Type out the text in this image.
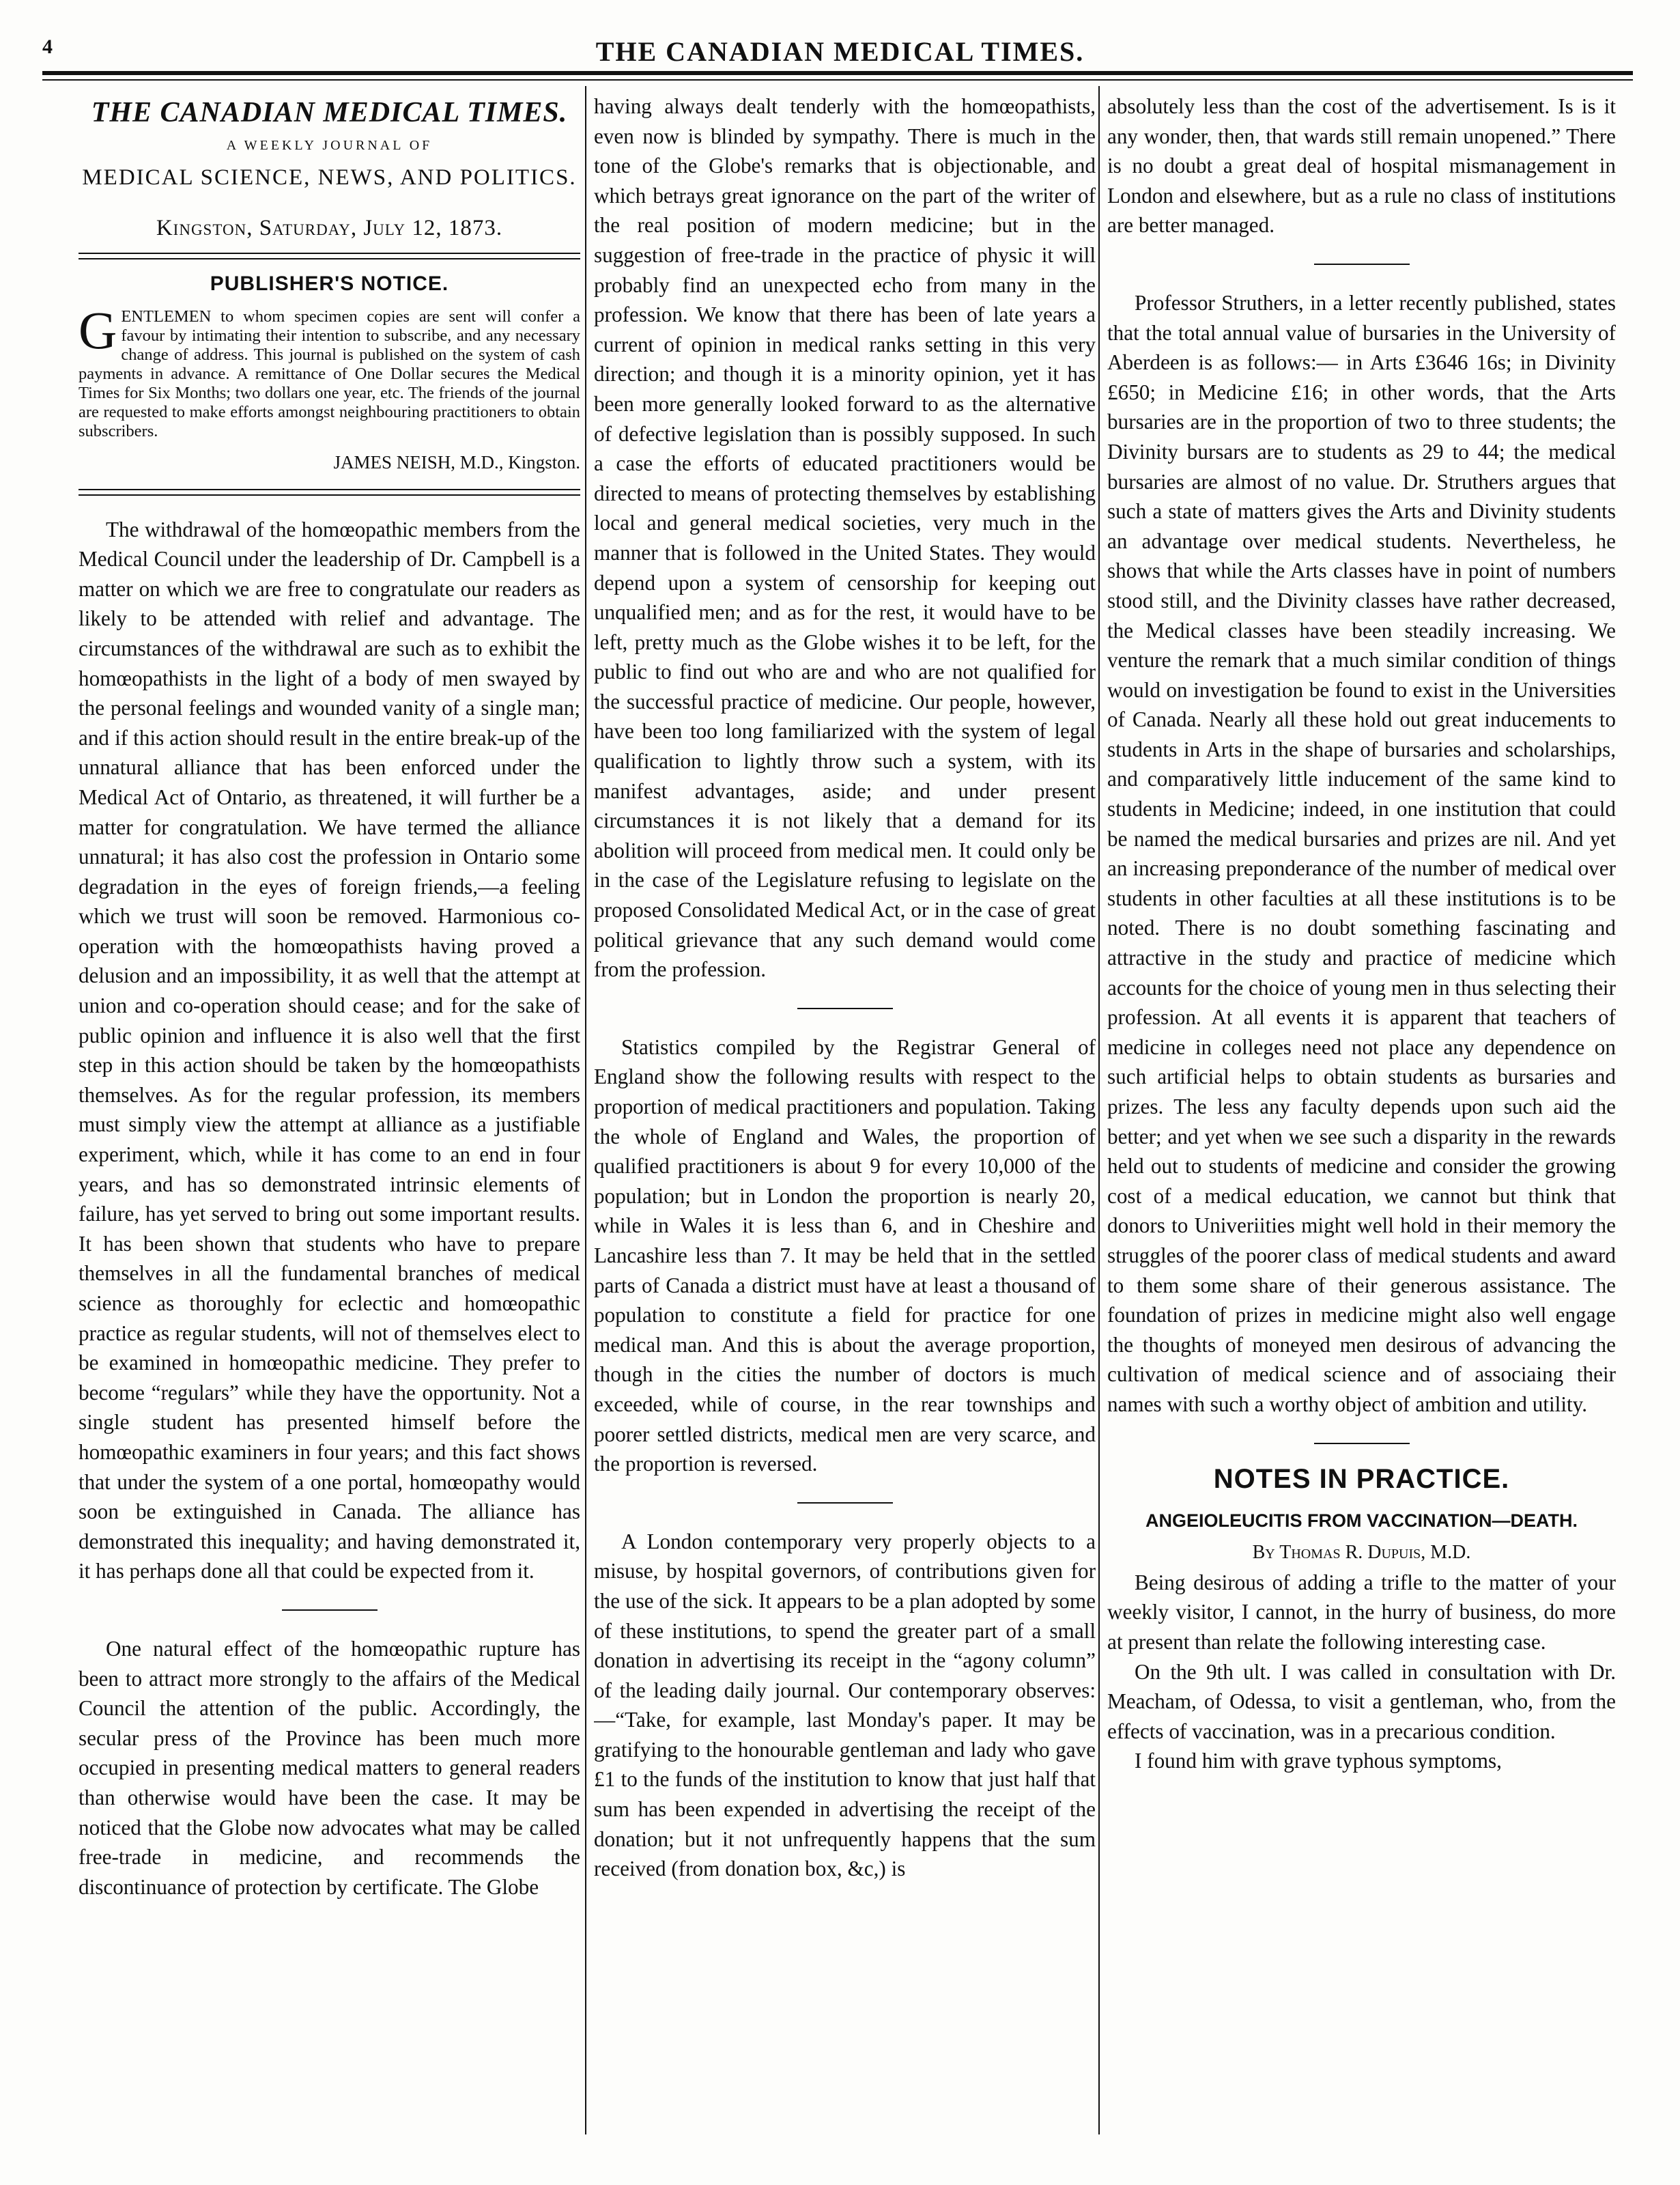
4	THE CANADIAN MEDICAL TIMES.
THE CANADIAN MEDICAL TIMES.
A WEEKLY JOURNAL OF
MEDICAL SCIENCE, NEWS, AND POLITICS.
Kingston, Saturday, July 12, 1873.
PUBLISHER'S NOTICE.

GENTLEMEN to whom specimen copies are sent will confer a favour by intimating their intention to subscribe, and any necessary change of address. This journal is published on the system of cash payments in advance. A remittance of One Dollar secures the Medical Times for Six Months; two dollars one year, etc. The friends of the journal are requested to make efforts amongst neighbouring practitioners to obtain subscribers.

JAMES NEISH, M.D., Kingston.

The withdrawal of the homœopathic members from the Medical Council under the leadership of Dr. Campbell is a matter on which we are free to congratulate our readers as likely to be attended with relief and advantage. The circumstances of the withdrawal are such as to exhibit the homœopathists in the light of a body of men swayed by the personal feelings and wounded vanity of a single man; and if this action should result in the entire break-up of the unnatural alliance that has been enforced under the Medical Act of Ontario, as threatened, it will further be a matter for congratulation. We have termed the alliance unnatural; it has also cost the profession in Ontario some degradation in the eyes of foreign friends,—a feeling which we trust will soon be removed. Harmonious co-operation with the homœopathists having proved a delusion and an impossibility, it as well that the attempt at union and co-operation should cease; and for the sake of public opinion and influence it is also well that the first step in this action should be taken by the homœopathists themselves. As for the regular profession, its members must simply view the attempt at alliance as a justifiable experiment, which, while it has come to an end in four years, and has so demonstrated intrinsic elements of failure, has yet served to bring out some important results. It has been shown that students who have to prepare themselves in all the fundamental branches of medical science as thoroughly for eclectic and homœopathic practice as regular students, will not of themselves elect to be examined in homœopathic medicine. They prefer to become “regulars” while they have the opportunity. Not a single student has presented himself before the homœopathic examiners in four years; and this fact shows that under the system of a one portal, homœopathy would soon be extinguished in Canada. The alliance has demonstrated this inequality; and having demonstrated it, it has perhaps done all that could be expected from it.

One natural effect of the homœopathic rupture has been to attract more strongly to the affairs of the Medical Council the attention of the public. Accordingly, the secular press of the Province has been much more occupied in presenting medical matters to general readers than otherwise would have been the case. It may be noticed that the Globe now advocates what may be called free-trade in medicine, and recommends the discontinuance of protection by certificate. The Globe

having always dealt tenderly with the homœopathists, even now is blinded by sympathy. There is much in the tone of the Globe's remarks that is objectionable, and which betrays great ignorance on the part of the writer of the real position of modern medicine; but in the suggestion of free-trade in the practice of physic it will probably find an unexpected echo from many in the profession. We know that there has been of late years a current of opinion in medical ranks setting in this very direction; and though it is a minority opinion, yet it has been more generally looked forward to as the alternative of defective legislation than is possibly supposed. In such a case the efforts of educated practitioners would be directed to means of protecting themselves by establishing local and general medical societies, very much in the manner that is followed in the United States. They would depend upon a system of censorship for keeping out unqualified men; and as for the rest, it would have to be left, pretty much as the Globe wishes it to be left, for the public to find out who are and who are not qualified for the successful practice of medicine. Our people, however, have been too long familiarized with the system of legal qualification to lightly throw such a system, with its manifest advantages, aside; and under present circumstances it is not likely that a demand for its abolition will proceed from medical men. It could only be in the case of the Legislature refusing to legislate on the proposed Consolidated Medical Act, or in the case of great political grievance that any such demand would come from the profession.

Statistics compiled by the Registrar General of England show the following results with respect to the proportion of medical practitioners and population. Taking the whole of England and Wales, the proportion of qualified practitioners is about 9 for every 10,000 of the population; but in London the proportion is nearly 20, while in Wales it is less than 6, and in Cheshire and Lancashire less than 7. It may be held that in the settled parts of Canada a district must have at least a thousand of population to constitute a field for practice for one medical man. And this is about the average proportion, though in the cities the number of doctors is much exceeded, while of course, in the rear townships and poorer settled districts, medical men are very scarce, and the proportion is reversed.

A London contemporary very properly objects to a misuse, by hospital governors, of contributions given for the use of the sick. It appears to be a plan adopted by some of these institutions, to spend the greater part of a small donation in advertising its receipt in the “agony column” of the leading daily journal. Our contemporary observes:—“Take, for example, last Monday's paper. It may be gratifying to the honourable gentleman and lady who gave £1 to the funds of the institution to know that just half that sum has been expended in advertising the receipt of the donation; but it not unfrequently happens that the sum received (from donation box, &c,) is

absolutely less than the cost of the advertisement. Is is it any wonder, then, that wards still remain unopened.” There is no doubt a great deal of hospital mismanagement in London and elsewhere, but as a rule no class of institutions are better managed.

Professor Struthers, in a letter recently published, states that the total annual value of bursaries in the University of Aberdeen is as follows:— in Arts £3646 16s; in Divinity £650; in Medicine £16; in other words, that the Arts bursaries are in the proportion of two to three students; the Divinity bursars are to students as 29 to 44; the medical bursaries are almost of no value. Dr. Struthers argues that such a state of matters gives the Arts and Divinity students an advantage over medical students. Nevertheless, he shows that while the Arts classes have in point of numbers stood still, and the Divinity classes have rather decreased, the Medical classes have been steadily increasing. We venture the remark that a much similar condition of things would on investigation be found to exist in the Universities of Canada. Nearly all these hold out great inducements to students in Arts in the shape of bursaries and scholarships, and comparatively little inducement of the same kind to students in Medicine; indeed, in one institution that could be named the medical bursaries and prizes are nil. And yet an increasing preponderance of the number of medical over students in other faculties at all these institutions is to be noted. There is no doubt something fascinating and attractive in the study and practice of medicine which accounts for the choice of young men in thus selecting their profession. At all events it is apparent that teachers of medicine in colleges need not place any dependence on such artificial helps to obtain students as bursaries and prizes. The less any faculty depends upon such aid the better; and yet when we see such a disparity in the rewards held out to students of medicine and consider the growing cost of a medical education, we cannot but think that donors to Univeriities might well hold in their memory the struggles of the poorer class of medical students and award to them some share of their generous assistance. The foundation of prizes in medicine might also well engage the thoughts of moneyed men desirous of advancing the cultivation of medical science and of associaing their names with such a worthy object of ambition and utility.

NOTES IN PRACTICE.
ANGEIOLEUCITIS FROM VACCINATION—DEATH.
By Thomas R. Dupuis, M.D.

Being desirous of adding a trifle to the matter of your weekly visitor, I cannot, in the hurry of business, do more at present than relate the following interesting case.

On the 9th ult. I was called in consultation with Dr. Meacham, of Odessa, to visit a gentleman, who, from the effects of vaccination, was in a precarious condition.

I found him with grave typhous symptoms,
